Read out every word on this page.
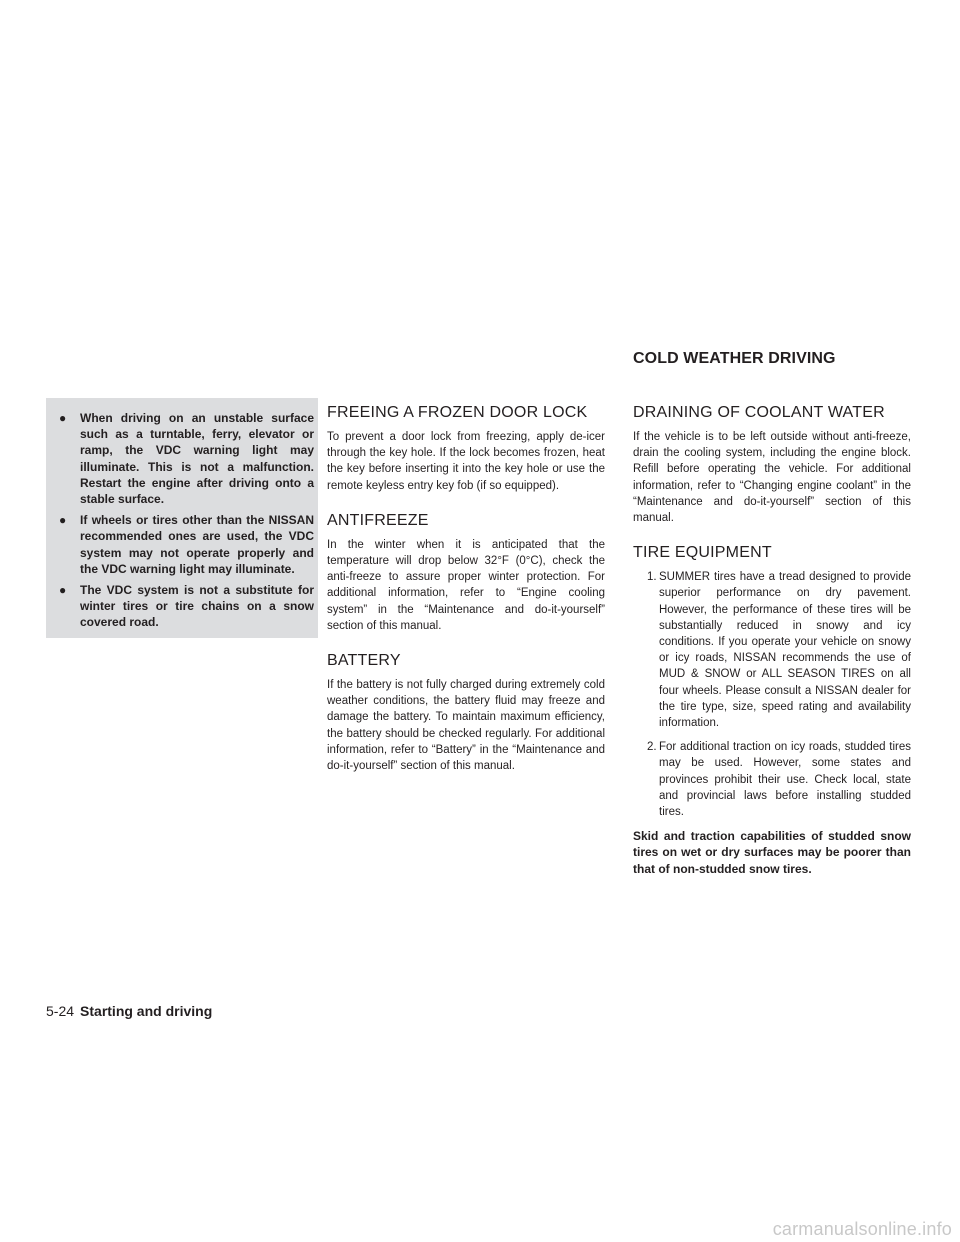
COLD WEATHER DRIVING
● When driving on an unstable surface such as a turntable, ferry, elevator or ramp, the VDC warning light may illuminate. This is not a malfunction. Restart the engine after driving onto a stable surface.
● If wheels or tires other than the NISSAN recommended ones are used, the VDC system may not operate properly and the VDC warning light may illuminate.
● The VDC system is not a substitute for winter tires or tire chains on a snow covered road.
FREEING A FROZEN DOOR LOCK

To prevent a door lock from freezing, apply de-icer through the key hole. If the lock becomes frozen, heat the key before inserting it into the key hole or use the remote keyless entry key fob (if so equipped).

ANTIFREEZE

In the winter when it is anticipated that the temperature will drop below 32°F (0°C), check the anti-freeze to assure proper winter protection. For additional information, refer to “Engine cooling system” in the “Maintenance and do-it-yourself” section of this manual.

BATTERY

If the battery is not fully charged during extremely cold weather conditions, the battery fluid may freeze and damage the battery. To maintain maximum efficiency, the battery should be checked regularly. For additional information, refer to “Battery” in the “Maintenance and do-it-yourself” section of this manual.

DRAINING OF COOLANT WATER

If the vehicle is to be left outside without anti-freeze, drain the cooling system, including the engine block. Refill before operating the vehicle. For additional information, refer to “Changing engine coolant” in the “Maintenance and do-it-yourself” section of this manual.

TIRE EQUIPMENT
1. SUMMER tires have a tread designed to provide superior performance on dry pavement. However, the performance of these tires will be substantially reduced in snowy and icy conditions. If you operate your vehicle on snowy or icy roads, NISSAN recommends the use of MUD & SNOW or ALL SEASON TIRES on all four wheels. Please consult a NISSAN dealer for the tire type, size, speed rating and availability information.
2. For additional traction on icy roads, studded tires may be used. However, some states and provinces prohibit their use. Check local, state and provincial laws before installing studded tires.

Skid and traction capabilities of studded snow tires on wet or dry surfaces may be poorer than that of non-studded snow tires.

5-24 Starting and driving
carmanualsonline.info
